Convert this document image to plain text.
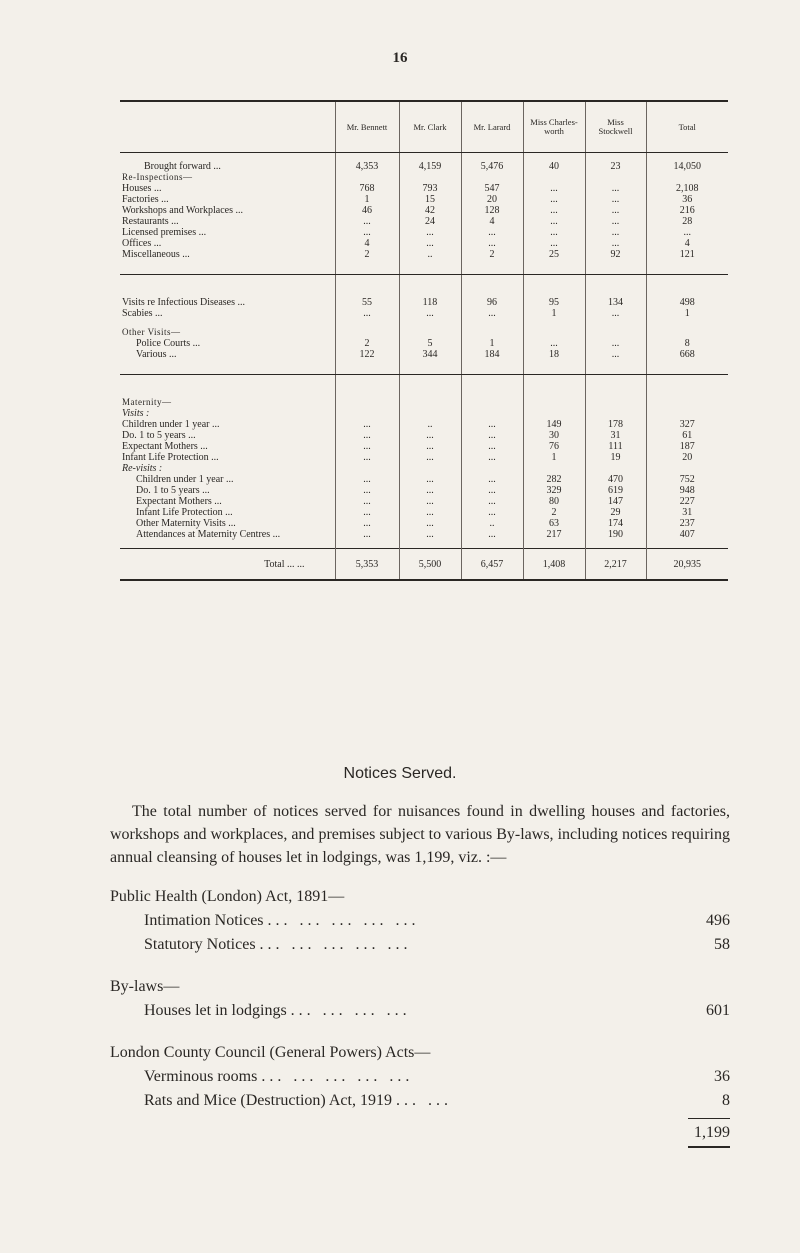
16
	Mr. Bennett	Mr. Clark	Mr. Larard	Miss Charles-worth	Miss Stockwell	Total

Brought forward ...	4,353	4,159	5,476	40	23	14,050
Re-Inspections—						
Houses ...	768	793	547	...	...	2,108
Factories ...	1	15	20	...	...	36
Workshops and Workplaces ...	46	42	128	...	...	216
Restaurants ...	...	24	4	...	...	28
Licensed premises ...	...	...	...	...	...	...
Offices ...	4	...	...	...	...	4
Miscellaneous ...	2	..	2	25	92	121

Visits re Infectious Diseases ...	55	118	96	95	134	498
Scabies ...	...	...	...	1	...	1

Other Visits—						
Police Courts ...	2	5	1	...	...	8
Various ...	122	344	184	18	...	668

Maternity—						
Visits :						
Children under 1 year ...	...	..	...	149	178	327
Do. 1 to 5 years ...	...	...	...	30	31	61
Expectant Mothers ...	...	...	...	76	111	187
Infant Life Protection ...	...	...	...	1	19	20
Re-visits :						
Children under 1 year ...	...	...	...	282	470	752
Do. 1 to 5 years ...	...	...	...	329	619	948
Expectant Mothers ...	...	...	...	80	147	227
Infant Life Protection ...	...	...	...	2	29	31
Other Maternity Visits ...	...	...	..	63	174	237
Attendances at Maternity Centres ...	...	...	...	217	190	407

Total ... ...	5,353	5,500	6,457	1,408	2,217	20,935
Notices Served.

The total number of notices served for nuisances found in dwelling houses and factories, workshops and workplaces, and premises subject to various By-laws, including notices requiring annual cleansing of houses let in lodgings, was 1,199, viz. :—

Public Health (London) Act, 1891—
Intimation Notices ... ... ... ... ...	496
Statutory Notices ... ... ... ... ...	58
By-laws—
Houses let in lodgings ... ... ... ...	601
London County Council (General Powers) Acts—
Verminous rooms ... ... ... ... ...	36
Rats and Mice (Destruction) Act, 1919 ... ...	8
1,199
